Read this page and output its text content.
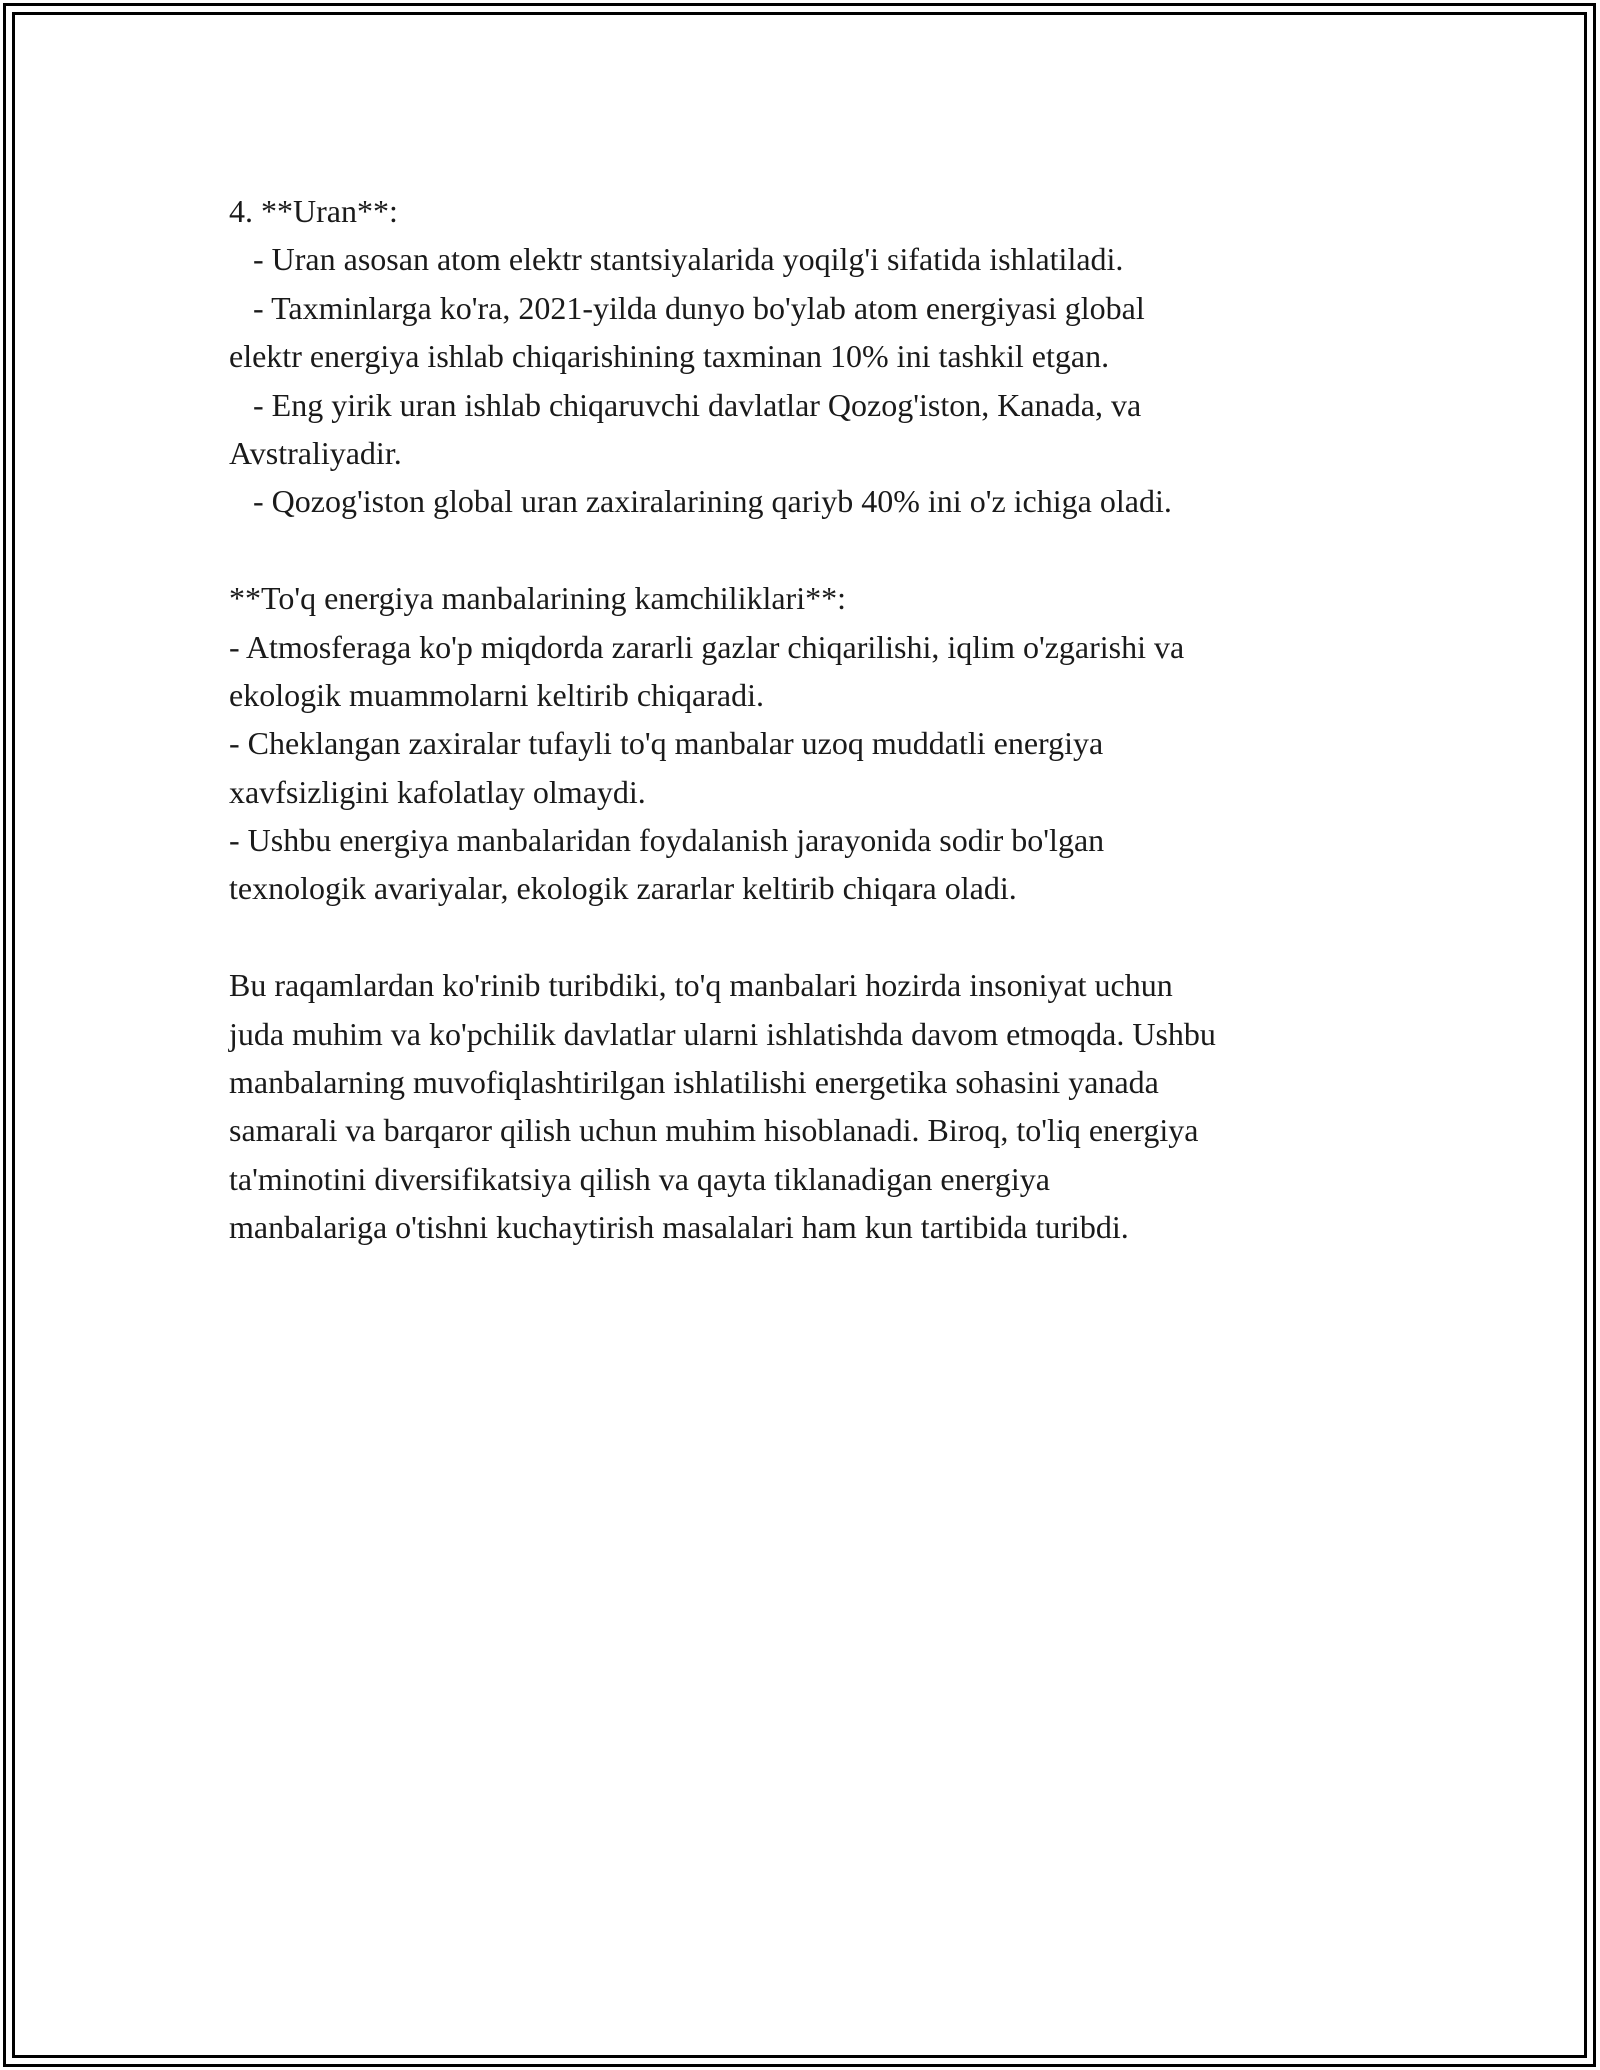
4. **Uran**:
- Uran asosan atom elektr stantsiyalarida yoqilg'i sifatida ishlatiladi.
- Taxminlarga ko'ra, 2021-yilda dunyo bo'ylab atom energiyasi global
elektr energiya ishlab chiqarishining taxminan 10% ini tashkil etgan.
- Eng yirik uran ishlab chiqaruvchi davlatlar Qozog'iston, Kanada, va
Avstraliyadir.
- Qozog'iston global uran zaxiralarining qariyb 40% ini o'z ichiga oladi.
**To'q energiya manbalarining kamchiliklari**:
- Atmosferaga ko'p miqdorda zararli gazlar chiqarilishi, iqlim o'zgarishi va
ekologik muammolarni keltirib chiqaradi.
- Cheklangan zaxiralar tufayli to'q manbalar uzoq muddatli energiya
xavfsizligini kafolatlay olmaydi.
- Ushbu energiya manbalaridan foydalanish jarayonida sodir bo'lgan
texnologik avariyalar, ekologik zararlar keltirib chiqara oladi.
Bu raqamlardan ko'rinib turibdiki, to'q manbalari hozirda insoniyat uchun
juda muhim va ko'pchilik davlatlar ularni ishlatishda davom etmoqda. Ushbu
manbalarning muvofiqlashtirilgan ishlatilishi energetika sohasini yanada
samarali va barqaror qilish uchun muhim hisoblanadi. Biroq, to'liq energiya
ta'minotini diversifikatsiya qilish va qayta tiklanadigan energiya
manbalariga o'tishni kuchaytirish masalalari ham kun tartibida turibdi.
